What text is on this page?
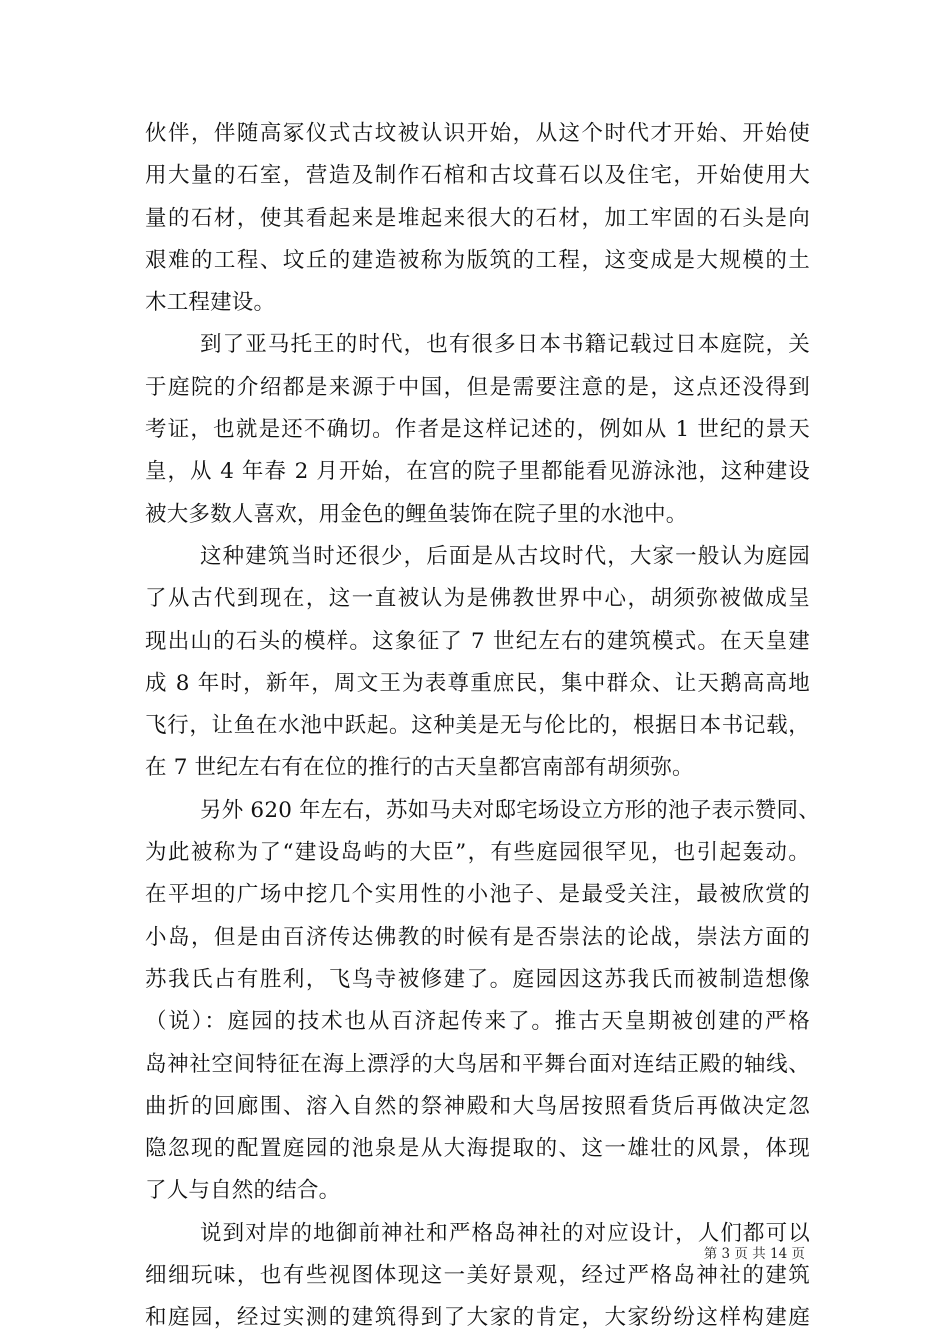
伙伴，伴随高冢仪式古坟被认识开始，从这个时代才开始、开始使
用大量的石室，营造及制作石棺和古坟葺石以及住宅，开始使用大
量的石材，使其看起来是堆起来很大的石材，加工牢固的石头是向
艰难的工程、坟丘的建造被称为版筑的工程，这变成是大规模的土
木工程建设。
到了亚马托王的时代，也有很多日本书籍记载过日本庭院，关
于庭院的介绍都是来源于中国，但是需要注意的是，这点还没得到
考证，也就是还不确切。作者是这样记述的，例如从 1 世纪的景天
皇，从 4 年春 2 月开始，在宫的院子里都能看见游泳池，这种建设
被大多数人喜欢，用金色的鲤鱼装饰在院子里的水池中。
这种建筑当时还很少，后面是从古坟时代，大家一般认为庭园
了从古代到现在，这一直被认为是佛教世界中心，胡须弥被做成呈
现出山的石头的模样。这象征了 7 世纪左右的建筑模式。在天皇建
成 8 年时，新年，周文王为表尊重庶民，集中群众、让天鹅高高地
飞行，让鱼在水池中跃起。这种美是无与伦比的，根据日本书记载，
在 7 世纪左右有在位的推行的古天皇都宫南部有胡须弥。
另外 620 年左右，苏如马夫对邸宅场设立方形的池子表示赞同、
为此被称为了“建设岛屿的大臣”，有些庭园很罕见，也引起轰动。
在平坦的广场中挖几个实用性的小池子、是最受关注，最被欣赏的
小岛，但是由百济传达佛教的时候有是否崇法的论战，崇法方面的
苏我氏占有胜利，飞鸟寺被修建了。庭园因这苏我氏而被制造想像
（说）：庭园的技术也从百济起传来了。推古天皇期被创建的严格
岛神社空间特征在海上漂浮的大鸟居和平舞台面对连结正殿的轴线、
曲折的回廊围、溶入自然的祭神殿和大鸟居按照看货后再做决定忽
隐忽现的配置庭园的池泉是从大海提取的、这一雄壮的风景，体现
了人与自然的结合。
说到对岸的地御前神社和严格岛神社的对应设计，人们都可以
细细玩味，也有些视图体现这一美好景观，经过严格岛神社的建筑
和庭园，经过实测的建筑得到了大家的肯定，大家纷纷这样构建庭
第 3 页 共 14 页
